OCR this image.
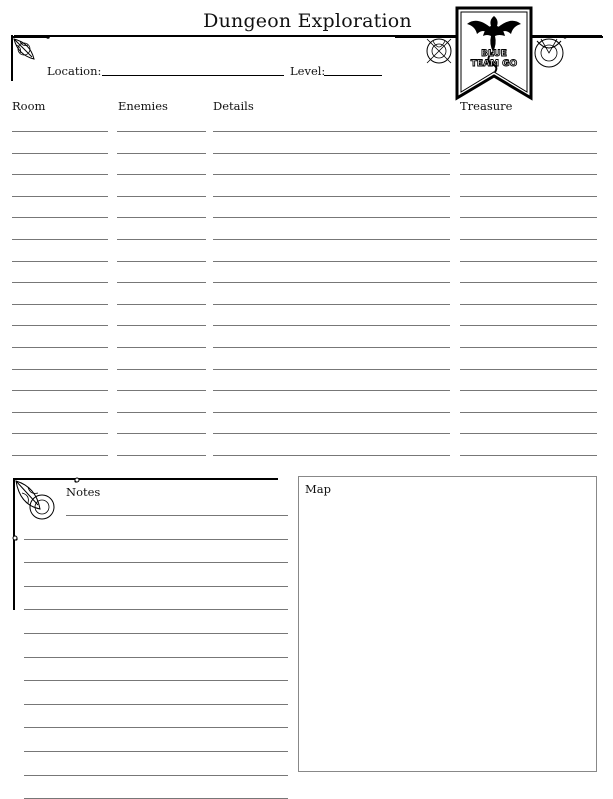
Dungeon Exploration
BLUE
TEAM GO
Location:	Level:
Room	Enemies	Details	Treasure
Notes	Map
